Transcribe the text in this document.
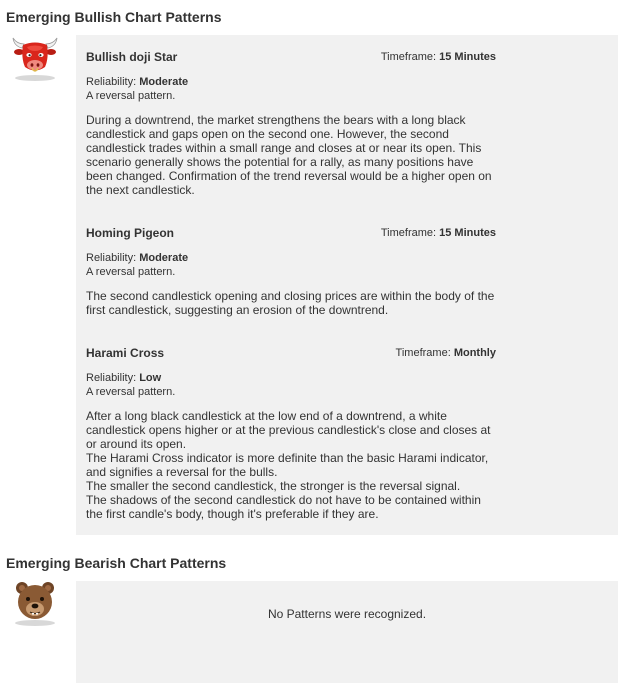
Emerging Bullish Chart Patterns
Bullish doji Star	Timeframe: 15 Minutes
Reliability: Moderate
A reversal pattern.
During a downtrend, the market strengthens the bears with a long black candlestick and gaps open on the second one. However, the second candlestick trades within a small range and closes at or near its open. This scenario generally shows the potential for a rally, as many positions have been changed. Confirmation of the trend reversal would be a higher open on the next candlestick.
Homing Pigeon	Timeframe: 15 Minutes
Reliability: Moderate
A reversal pattern.
The second candlestick opening and closing prices are within the body of the first candlestick, suggesting an erosion of the downtrend.
Harami Cross	Timeframe: Monthly
Reliability: Low
A reversal pattern.
After a long black candlestick at the low end of a downtrend, a white candlestick opens higher or at the previous candlestick's close and closes at or around its open.
The Harami Cross indicator is more definite than the basic Harami indicator, and signifies a reversal for the bulls.
The smaller the second candlestick, the stronger is the reversal signal.
The shadows of the second candlestick do not have to be contained within the first candle's body, though it's preferable if they are.
Emerging Bearish Chart Patterns
No Patterns were recognized.
